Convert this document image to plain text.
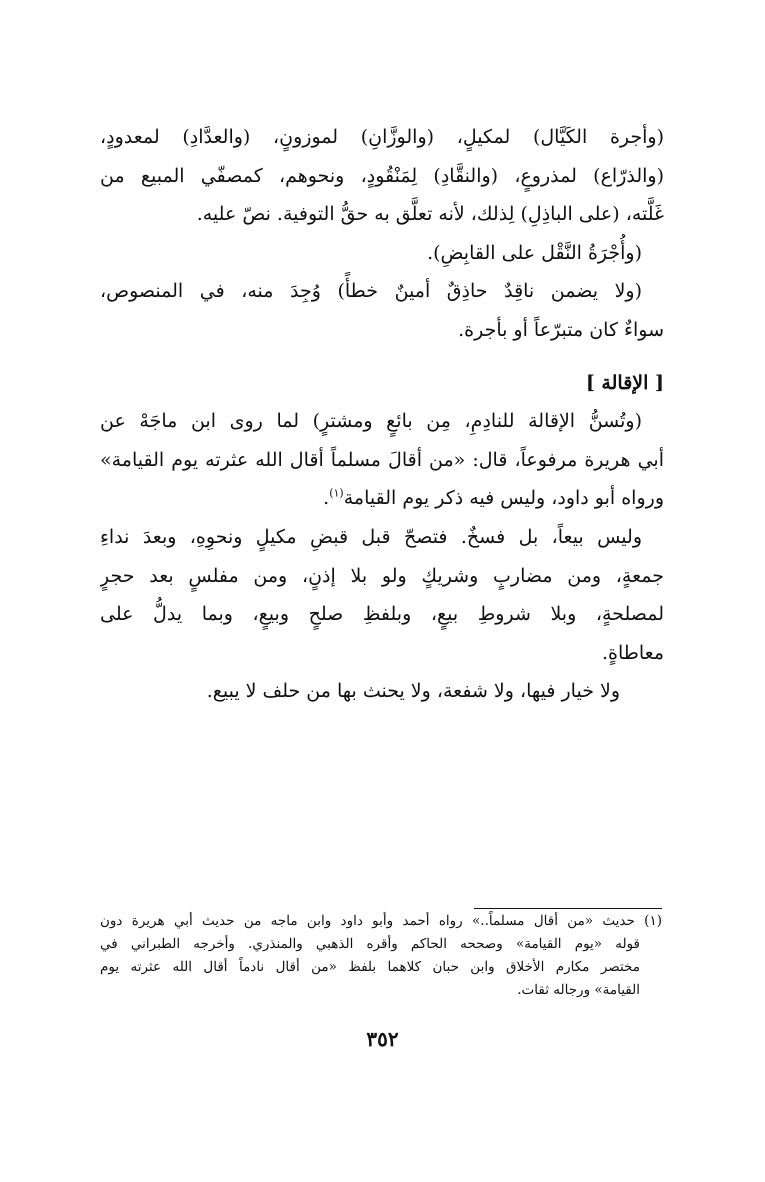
(وأجرة الكَيَّال) لمكيلٍ، (والوزَّانِ) لموزونٍ، (والعدَّادِ) لمعدودٍ،
(والذرّاع) لمذروعٍ، (والنقَّادِ) لِمَنْقُودٍ، ونحوهم، كمصفّي المبيع من
غَلَّته، (على الباذِلِ) لِذلك، لأنه تعلَّق به حقُّ التوفية. نصّ عليه.
(وأُجْرَةُ النَّقْل على القابِضِ).
(ولا يضمن ناقِدٌ حاذِقٌ أمينٌ خطأً) وُجِدَ منه، في المنصوص،
سواءٌ كان متبرّعاً أو بأجرة.
[ الإقالة ]
(وتُسنُّ الإقالة للنادِمِ، مِن بائعٍ ومشترٍ) لما روى ابن ماجَهْ عن
أبي هريرة مرفوعاً، قال: «من أقالَ مسلماً أقال الله عثرته يوم القيامة»
ورواه أبو داود، وليس فيه ذكر يوم القيامة$^{(١)}$.
وليس بيعاً، بل فسخٌ. فتصحّ قبل قبضِ مكيلٍ ونحوِهِ، وبعدَ نداءِ
جمعةٍ، ومن مضاربٍ وشريكٍ ولو بلا إذنٍ، ومن مفلسٍ بعد حجرٍ
لمصلحةٍ، وبلا شروطِ بيعٍ، وبلفظِ صلحٍ وبيعٍ، وبما يدلُّ على
معاطاةٍ.
ولا خيار فيها، ولا شفعة، ولا يحنث بها من حلف لا يبيع.
(١) حديث «من أقال مسلماً..» رواه أحمد وأبو داود وابن ماجه من حديث أبي هريرة دون
قوله «يوم القيامة» وصححه الحاكم وأقره الذهبي والمنذري. وأخرجه الطبراني في
مختصر مكارم الأخلاق وابن حبان كلاهما بلفظ «من أقال نادماً أقال الله عثرته يوم
القيامة» ورجاله ثقات.
٣٥٢
